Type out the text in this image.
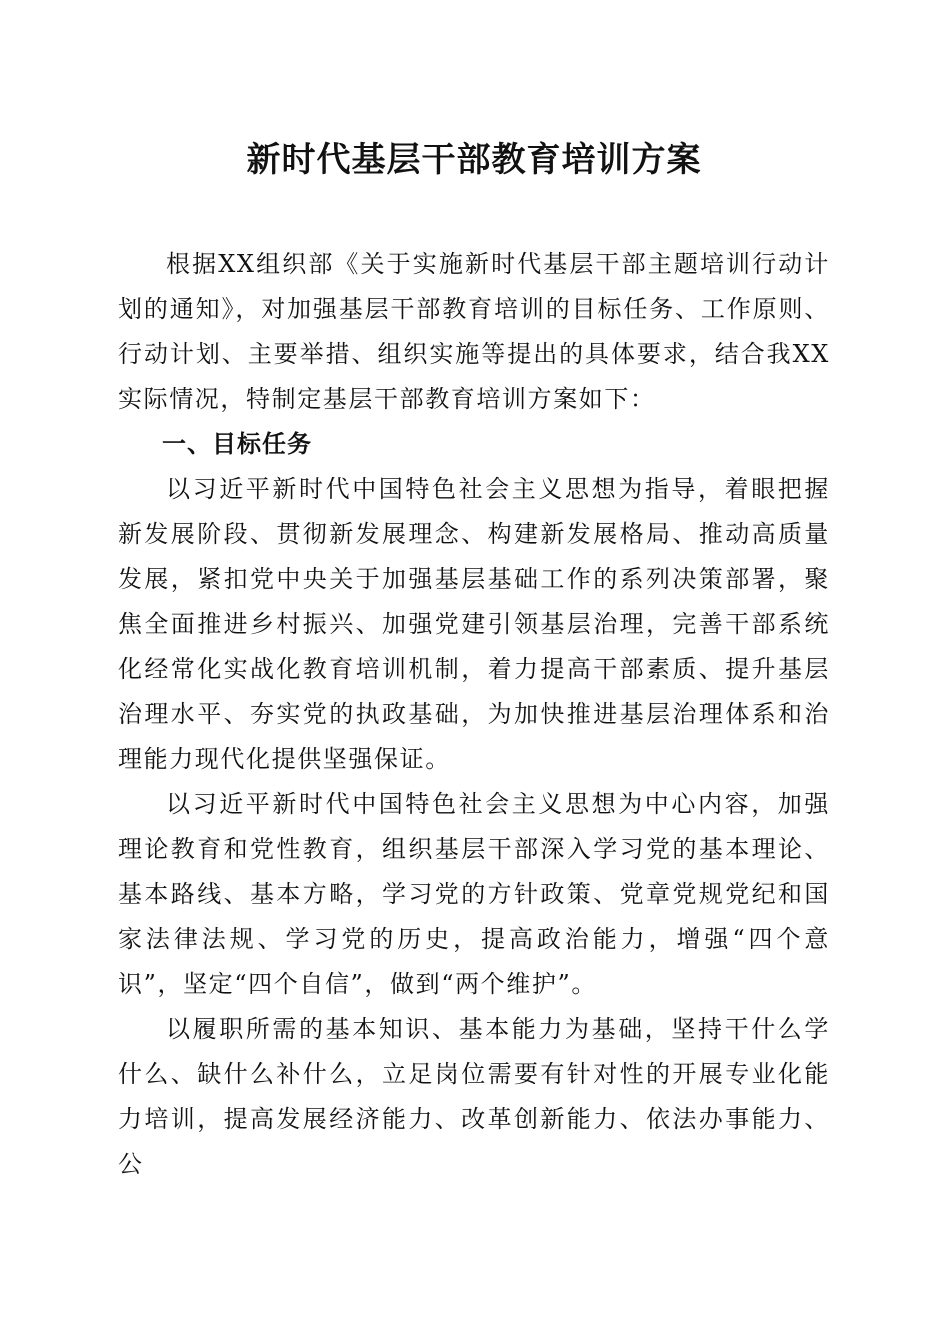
新时代基层干部教育培训方案

根据XX组织部《关于实施新时代基层干部主题培训行动计划的通知》，对加强基层干部教育培训的目标任务、工作原则、行动计划、主要举措、组织实施等提出的具体要求，结合我XX实际情况，特制定基层干部教育培训方案如下：

一、目标任务

以习近平新时代中国特色社会主义思想为指导，着眼把握新发展阶段、贯彻新发展理念、构建新发展格局、推动高质量发展，紧扣党中央关于加强基层基础工作的系列决策部署，聚焦全面推进乡村振兴、加强党建引领基层治理，完善干部系统化经常化实战化教育培训机制，着力提高干部素质、提升基层治理水平、夯实党的执政基础，为加快推进基层治理体系和治理能力现代化提供坚强保证。

以习近平新时代中国特色社会主义思想为中心内容，加强理论教育和党性教育，组织基层干部深入学习党的基本理论、基本路线、基本方略，学习党的方针政策、党章党规党纪和国家法律法规、学习党的历史，提高政治能力，增强“四个意识”，坚定“四个自信”，做到“两个维护”。

以履职所需的基本知识、基本能力为基础，坚持干什么学什么、缺什么补什么，立足岗位需要有针对性的开展专业化能力培训，提高发展经济能力、改革创新能力、依法办事能力、公
